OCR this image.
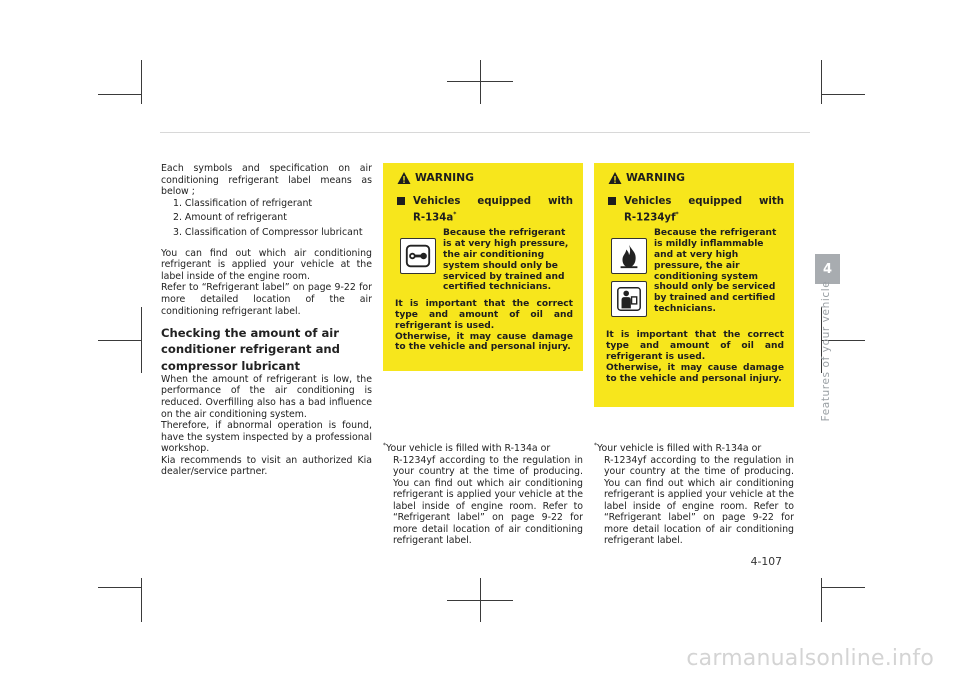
Each symbols and specification on air conditioning refrigerant label means as below ;

1. Classification of refrigerant
2. Amount of refrigerant
3. Classification of Compressor lubricant

You can find out which air conditioning refrigerant is applied your vehicle at the label inside of the engine room.

Refer to “Refrigerant label” on page 9-22 for more detailed location of the air conditioning refrigerant label.

Checking the amount of air conditioner refrigerant and compressor lubricant

When the amount of refrigerant is low, the performance of the air conditioning is reduced. Overfilling also has a bad influence on the air conditioning system.

Therefore, if abnormal operation is found, have the system inspected by a professional workshop.

Kia recommends to visit an authorized Kia dealer/service partner.

WARNING
Vehicles equipped with
R-134a*
Because the refrigerant is at very high pressure, the air conditioning system should only be serviced by trained and certified technicians.

It is important that the correct type and amount of oil and refrigerant is used.

Otherwise, it may cause damage to the vehicle and personal injury.

WARNING
Vehicles equipped with
R-1234yf*
Because the refrigerant is mildly inflammable and at very high pressure, the air conditioning system should only be serviced by trained and certified technicians.

It is important that the correct type and amount of oil and refrigerant is used.

Otherwise, it may cause damage to the vehicle and personal injury.

*Your vehicle is filled with R-134a or

R-1234yf according to the regulation in your country at the time of producing. You can find out which air conditioning refrigerant is applied your vehicle at the label inside of engine room. Refer to “Refrigerant label” on page 9-22 for more detail location of air conditioning refrigerant label.

*Your vehicle is filled with R-134a or

R-1234yf according to the regulation in your country at the time of producing. You can find out which air conditioning refrigerant is applied your vehicle at the label inside of engine room. Refer to “Refrigerant label” on page 9-22 for more detail location of air conditioning refrigerant label.

4
Features of your vehicle
4-107
carmanualsonline.info
